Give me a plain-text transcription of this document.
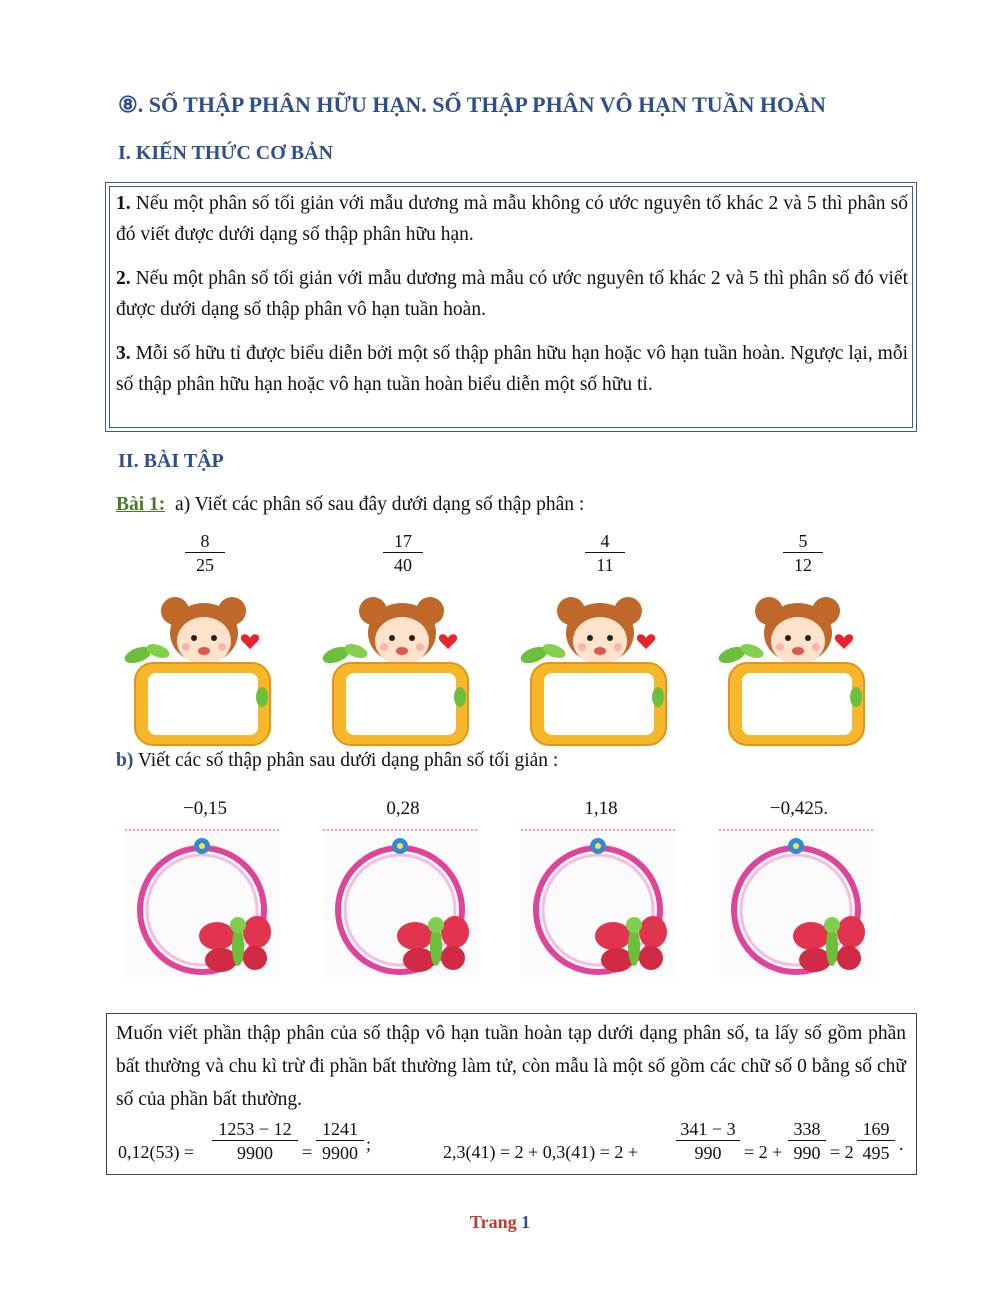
⑧. SỐ THẬP PHÂN HỮU HẠN. SỐ THẬP PHÂN VÔ HẠN TUẦN HOÀN
I. KIẾN THỨC CƠ BẢN
1. Nếu một phân số tối giản với mẫu dương mà mẫu không có ước nguyên tố khác 2 và 5 thì phân số đó viết được dưới dạng số thập phân hữu hạn.
2. Nếu một phân số tối giản với mẫu dương mà mẫu có ước nguyên tố khác 2 và 5 thì phân số đó viết được dưới dạng số thập phân vô hạn tuần hoàn.
3. Mỗi số hữu tỉ được biểu diễn bởi một số thập phân hữu hạn hoặc vô hạn tuần hoàn. Ngược lại, mỗi số thập phân hữu hạn hoặc vô hạn tuần hoàn biểu diễn một số hữu tỉ.
II. BÀI TẬP
Bài 1: a) Viết các phân số sau đây dưới dạng số thập phân :
$\frac{8}{25}$	$\frac{17}{40}$	$\frac{4}{11}$	$\frac{5}{12}$
b) Viết các số thập phân sau dưới dạng phân số tối giản :
−0,15	0,28	1,18	−0,425.
Muốn viết phần thập phân của số thập vô hạn tuần hoàn tạp dưới dạng phân số, ta lấy số gồm phần bất thường và chu kì trừ đi phần bất thường làm tử, còn mẫu là một số gồm các chữ số 0 bằng số chữ số của phần bất thường.
0,12(53) =
1253 − 12
9900	=
1241
9900 ;	2,3(41) = 2 + 0,3(41) = 2 +
341 − 3
990	= 2 +
338
990 = 2
169
495 .
Trang 1
